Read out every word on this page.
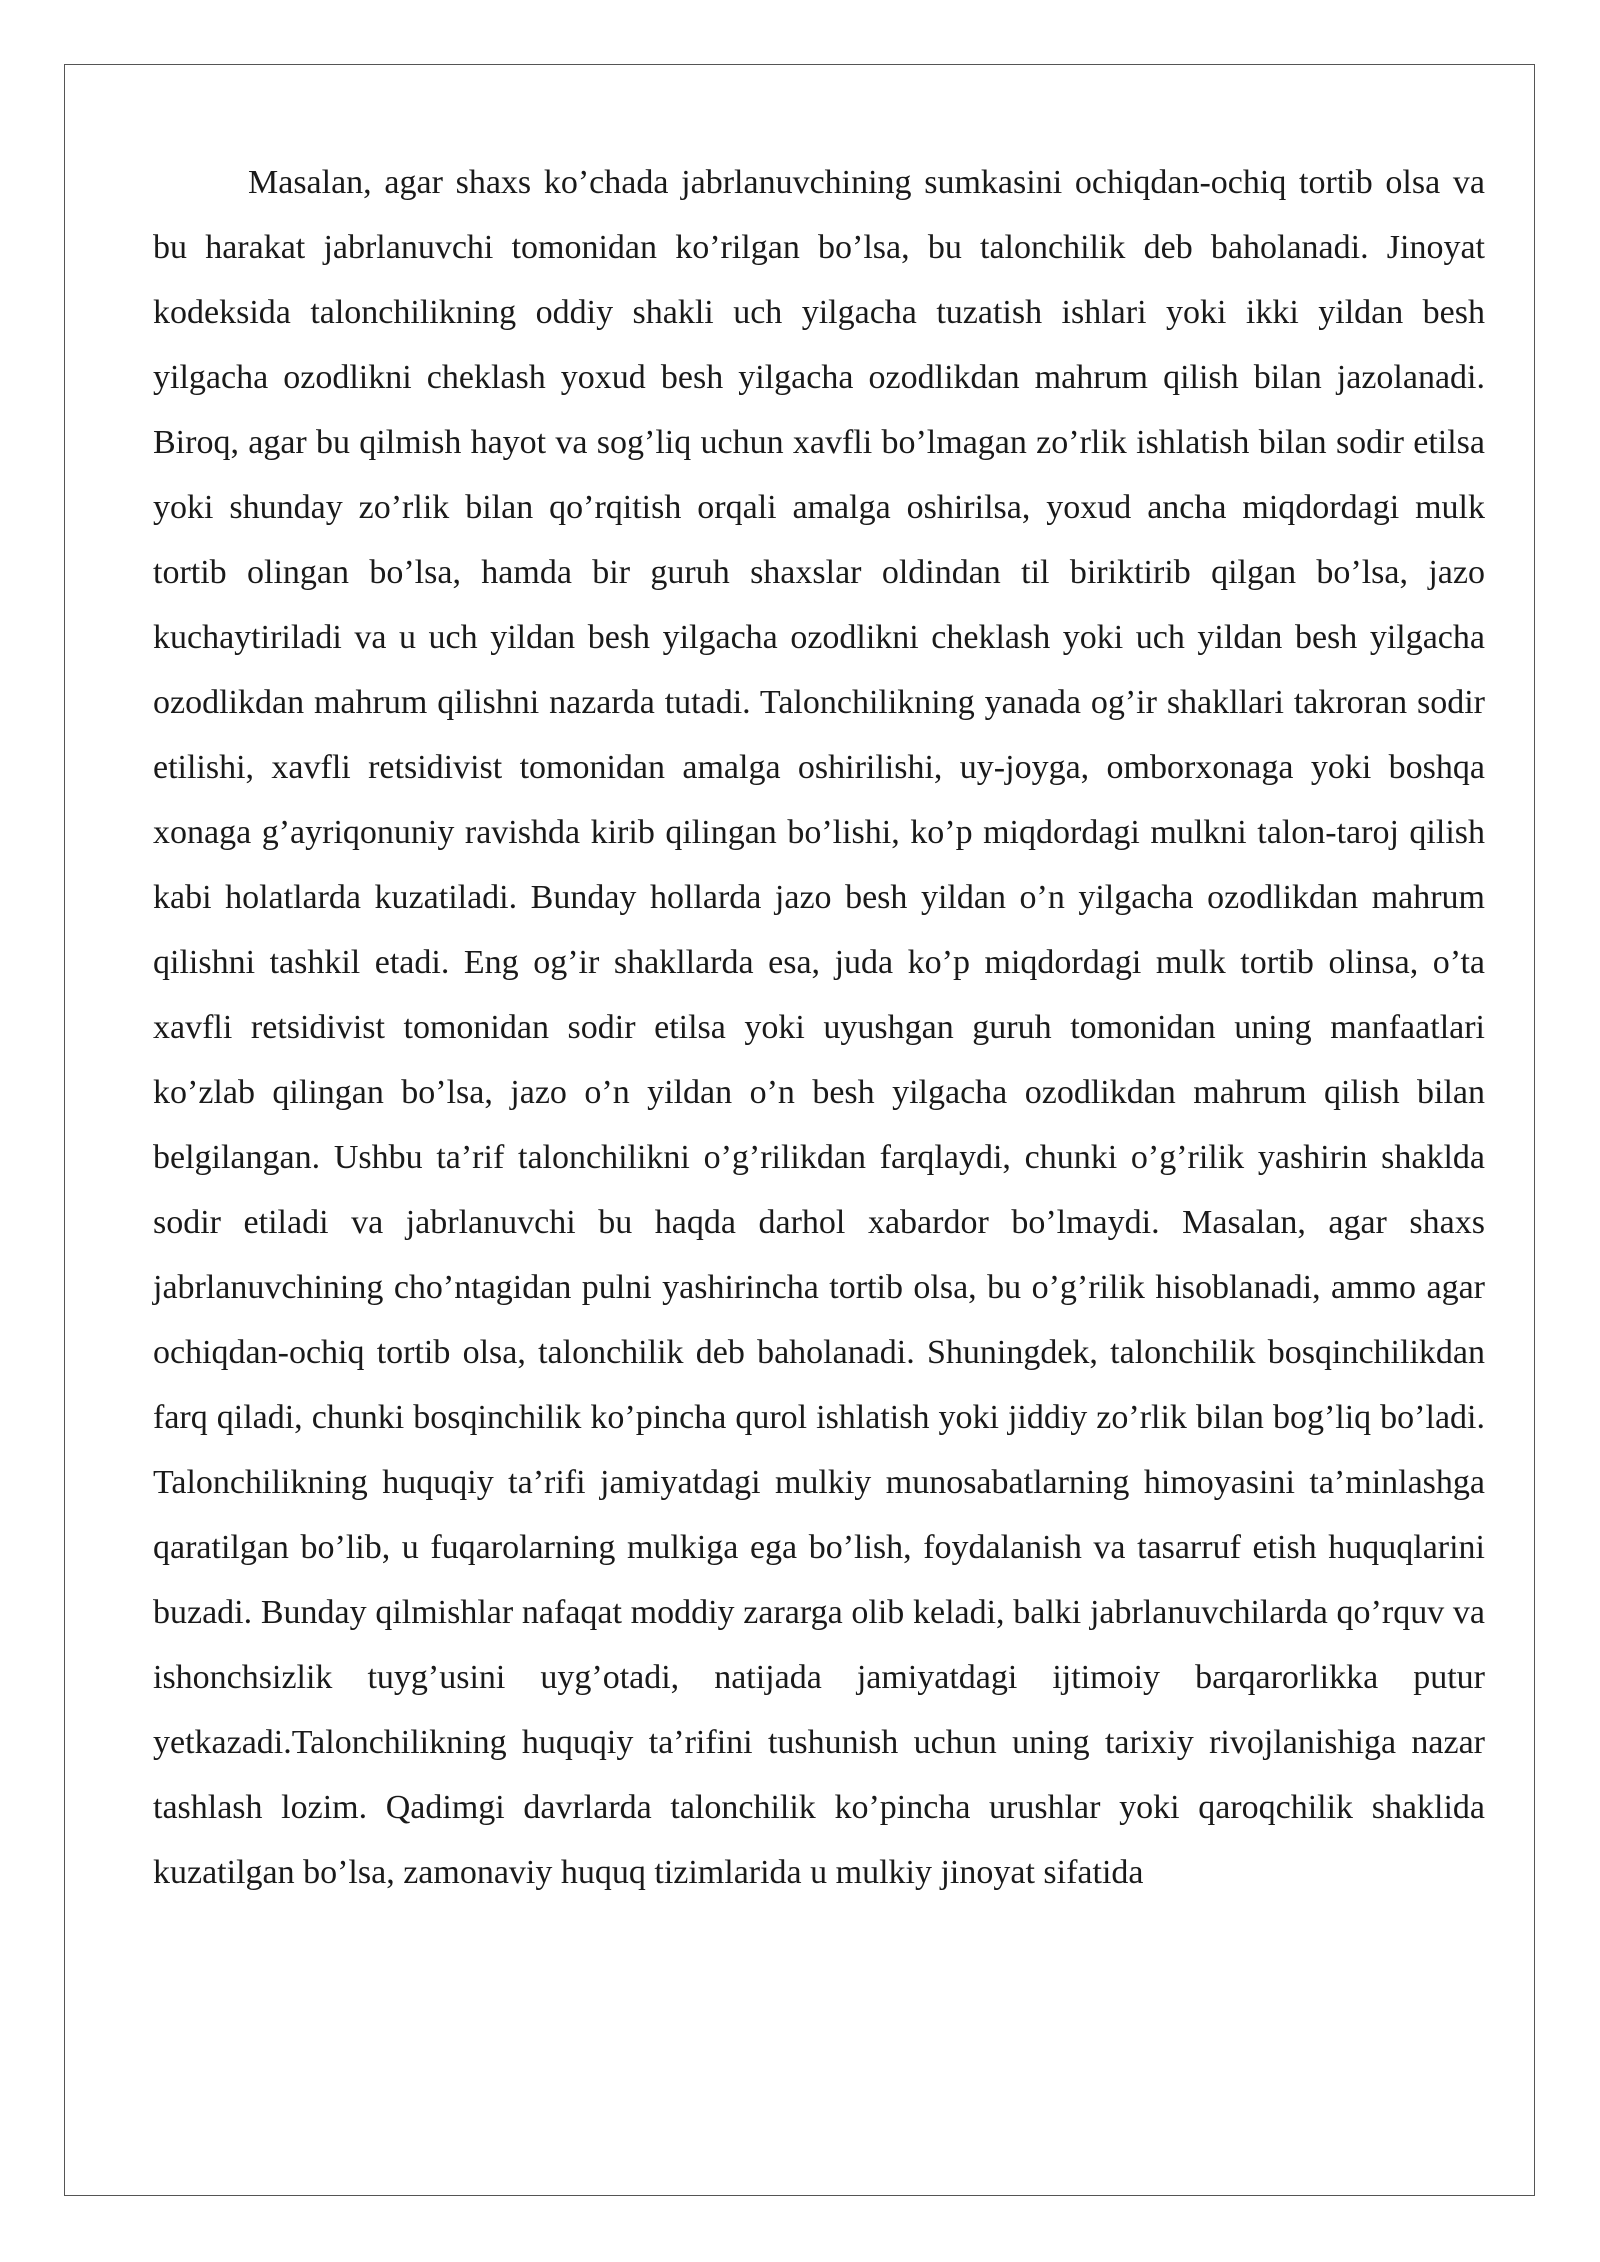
Masalan, agar shaxs ko’chada jabrlanuvchining sumkasini ochiqdan-ochiq tortib olsa va bu harakat jabrlanuvchi tomonidan ko’rilgan bo’lsa, bu talonchilik deb baholanadi. Jinoyat kodeksida talonchilikning oddiy shakli uch yilgacha tuzatish ishlari yoki ikki yildan besh yilgacha ozodlikni cheklash yoxud besh yilgacha ozodlikdan mahrum qilish bilan jazolanadi. Biroq, agar bu qilmish hayot va sog’liq uchun xavfli bo’lmagan zo’rlik ishlatish bilan sodir etilsa yoki shunday zo’rlik bilan qo’rqitish orqali amalga oshirilsa, yoxud ancha miqdordagi mulk tortib olingan bo’lsa, hamda bir guruh shaxslar oldindan til biriktirib qilgan bo’lsa, jazo kuchaytiriladi va u uch yildan besh yilgacha ozodlikni cheklash yoki uch yildan besh yilgacha ozodlikdan mahrum qilishni nazarda tutadi. Talonchilikning yanada og’ir shakllari takroran sodir etilishi, xavfli retsidivist tomonidan amalga oshirilishi, uy-joyga, omborxonaga yoki boshqa xonaga g’ayriqonuniy ravishda kirib qilingan bo’lishi, ko’p miqdordagi mulkni talon-taroj qilish kabi holatlarda kuzatiladi. Bunday hollarda jazo besh yildan o’n yilgacha ozodlikdan mahrum qilishni tashkil etadi. Eng og’ir shakllarda esa, juda ko’p miqdordagi mulk tortib olinsa, o’ta xavfli retsidivist tomonidan sodir etilsa yoki uyushgan guruh tomonidan uning manfaatlari ko’zlab qilingan bo’lsa, jazo o’n yildan o’n besh yilgacha ozodlikdan mahrum qilish bilan belgilangan. Ushbu ta’rif talonchilikni o’g’rilikdan farqlaydi, chunki o’g’rilik yashirin shaklda sodir etiladi va jabrlanuvchi bu haqda darhol xabardor bo’lmaydi. Masalan, agar shaxs jabrlanuvchining cho’ntagidan pulni yashirincha tortib olsa, bu o’g’rilik hisoblanadi, ammo agar ochiqdan-ochiq tortib olsa, talonchilik deb baholanadi. Shuningdek, talonchilik bosqinchilikdan farq qiladi, chunki bosqinchilik ko’pincha qurol ishlatish yoki jiddiy zo’rlik bilan bog’liq bo’ladi. Talonchilikning huquqiy ta’rifi jamiyatdagi mulkiy munosabatlarning himoyasini ta’minlashga qaratilgan bo’lib, u fuqarolarning mulkiga ega bo’lish, foydalanish va tasarruf etish huquqlarini buzadi. Bunday qilmishlar nafaqat moddiy zararga olib keladi, balki jabrlanuvchilarda qo’rquv va ishonchsizlik tuyg’usini uyg’otadi, natijada jamiyatdagi ijtimoiy barqarorlikka putur yetkazadi.Talonchilikning huquqiy ta’rifini tushunish uchun uning tarixiy rivojlanishiga nazar tashlash lozim. Qadimgi davrlarda talonchilik ko’pincha urushlar yoki qaroqchilik shaklida kuzatilgan bo’lsa, zamonaviy huquq tizimlarida u mulkiy jinoyat sifatida
